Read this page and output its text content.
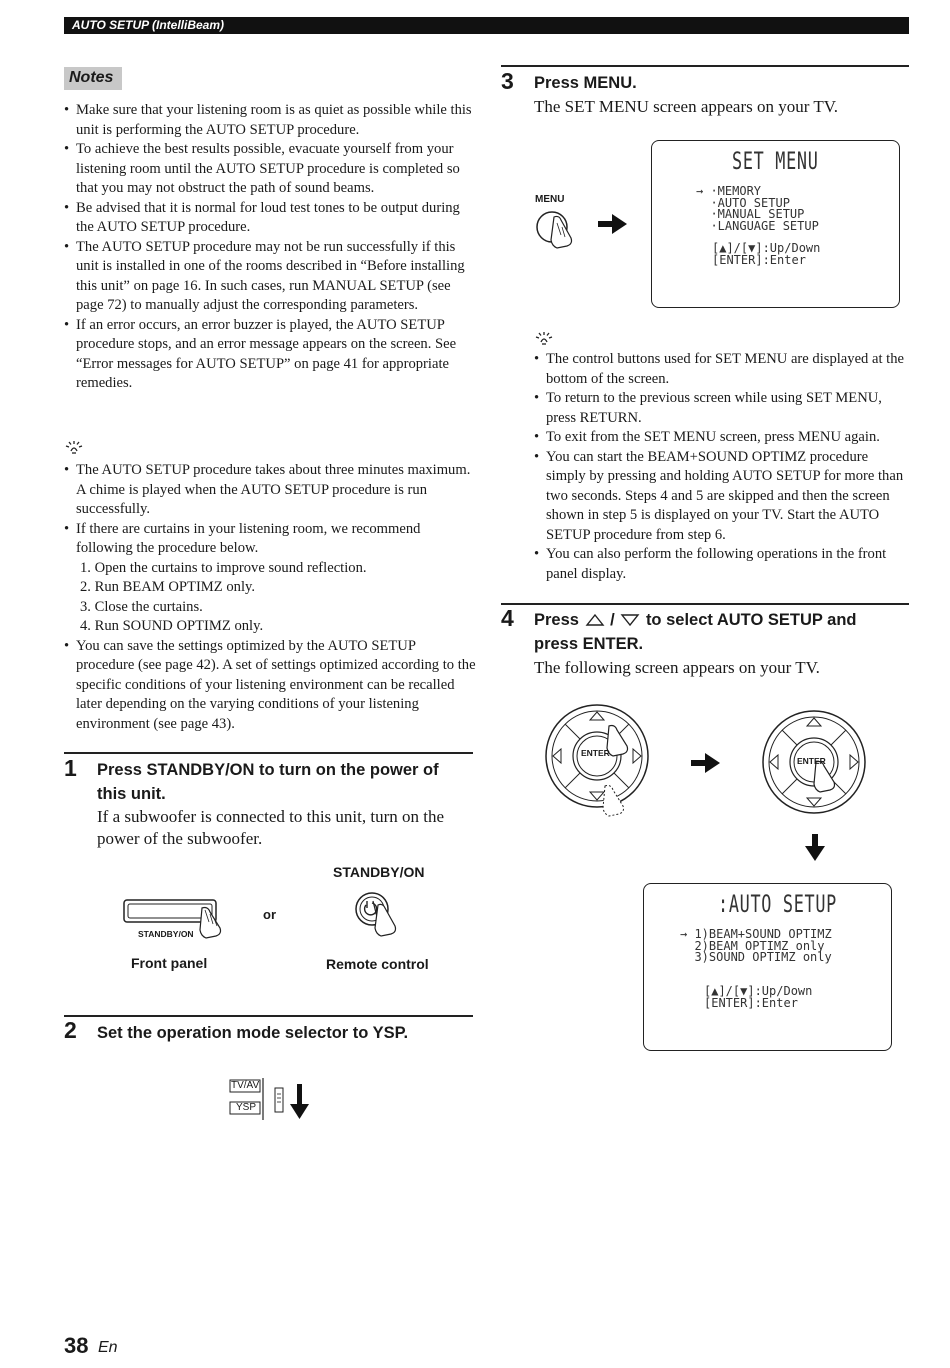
AUTO SETUP (IntelliBeam)
Notes
• Make sure that your listening room is as quiet as possible while this unit is performing the AUTO SETUP procedure.
• To achieve the best results possible, evacuate yourself from your listening room until the AUTO SETUP procedure is completed so that you may not obstruct the path of sound beams.
• Be advised that it is normal for loud test tones to be output during the AUTO SETUP procedure.
• The AUTO SETUP procedure may not be run successfully if this unit is installed in one of the rooms described in “Before installing this unit” on page 16. In such cases, run MANUAL SETUP (see page 72) to manually adjust the corresponding parameters.
• If an error occurs, an error buzzer is played, the AUTO SETUP procedure stops, and an error message appears on the screen. See “Error messages for AUTO SETUP” on page 41 for appropriate remedies.
• The AUTO SETUP procedure takes about three minutes maximum. A chime is played when the AUTO SETUP procedure is run successfully.
• If there are curtains in your listening room, we recommend following the procedure below.
1. Open the curtains to improve sound reflection.
2. Run BEAM OPTIMZ only.
3. Close the curtains.
4. Run SOUND OPTIMZ only.
• You can save the settings optimized by the AUTO SETUP procedure (see page 42). A set of settings optimized according to the specific conditions of your listening environment can be recalled later depending on the varying conditions of your listening environment (see page 43).
1 Press STANDBY/ON to turn on the power of this unit.
If a subwoofer is connected to this unit, turn on the power of the subwoofer.
STANDBY/ON
STANDBY/ON
or
Front panel	Remote control
2 Set the operation mode selector to YSP.
TV/AV
YSP
3 Press MENU.
The SET MENU screen appears on your TV.
MENU
SET MENU
→ ·MEMORY
·AUTO SETUP
·MANUAL SETUP
·LANGUAGE SETUP
[▲]/[▼]:Up/Down
[ENTER]:Enter
• The control buttons used for SET MENU are displayed at the bottom of the screen.
• To return to the previous screen while using SET MENU, press RETURN.
• To exit from the SET MENU screen, press MENU again.
• You can start the BEAM+SOUND OPTIMZ procedure simply by pressing and holding AUTO SETUP for more than two seconds. Steps 4 and 5 are skipped and then the screen shown in step 5 is displayed on your TV. Start the AUTO SETUP procedure from step 6.
• You can also perform the following operations in the front panel display.
4 Press / to select AUTO SETUP and
press ENTER.
The following screen appears on your TV.
ENTER
ENTER
:AUTO SETUP
→ 1)BEAM+SOUND OPTIMZ
2)BEAM OPTIMZ only
3)SOUND OPTIMZ only
[▲]/[▼]:Up/Down
[ENTER]:Enter
38 En
